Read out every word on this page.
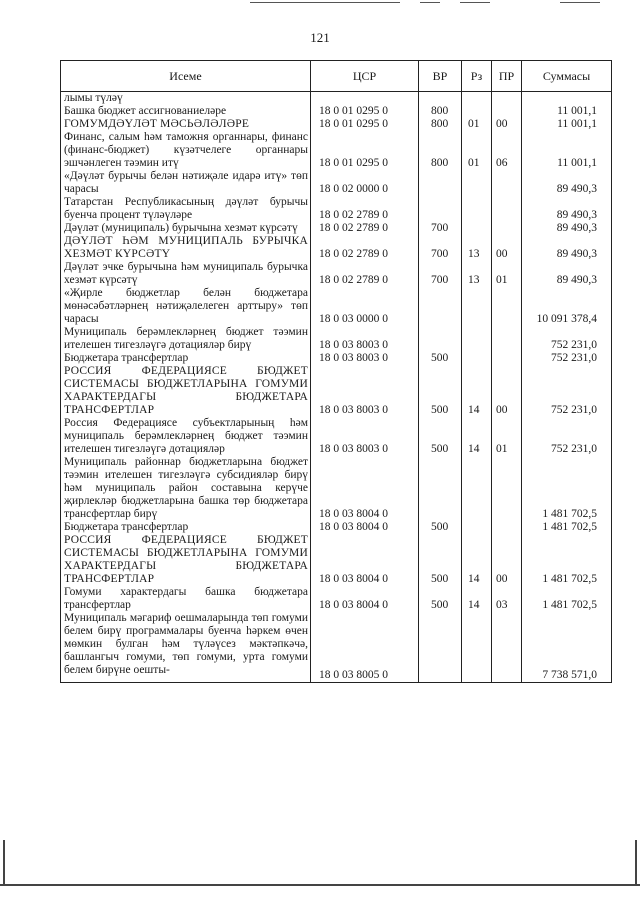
121
Исеме	ЦСР	ВР	Рз	ПР	Суммасы
лымы түләү					
Башка бюджет ассигнованиеләре	18 0 01 0295 0	800			11 001,1
ГОМУМДӘҮЛӘТ МӘСЬӘЛӘЛӘРЕ	18 0 01 0295 0	800	01	00	11 001,1
Финанс, салым һәм таможня органнары, финанс (финанс-бюджет) күзәтчелеге органнары эшчәнлеген тәэмин итү	18 0 01 0295 0	800	01	06	11 001,1
«Дәүләт бурычы белән нәтиҗәле идарә итү» төп чарасы	18 0 02 0000 0				89 490,3
Татарстан Республикасының дәүләт бурычы буенча процент түләүләре	18 0 02 2789 0				89 490,3
Дәүләт (муниципаль) бурычына хезмәт күрсәтү	18 0 02 2789 0	700			89 490,3
ДӘҮЛӘТ ҺӘМ МУНИЦИПАЛЬ БУРЫЧКА ХЕЗМӘТ КҮРСӘТҮ	18 0 02 2789 0	700	13	00	89 490,3
Дәүләт эчке бурычына һәм муниципаль бурычка хезмәт күрсәтү	18 0 02 2789 0	700	13	01	89 490,3
«Җирле бюджетлар белән бюджетара мөнәсәбәтләрнең нәтиҗәлелеген арттыру» төп чарасы	18 0 03 0000 0				10 091 378,4
Муниципаль берәмлекләрнең бюджет тәэмин ителешен тигезләүгә дотацияләр бирү	18 0 03 8003 0				752 231,0
Бюджетара трансфертлар	18 0 03 8003 0	500			752 231,0
РОССИЯ ФЕДЕРАЦИЯСЕ БЮДЖЕТ СИСТЕМАСЫ БЮДЖЕТЛАРЫНА ГОМУМИ ХАРАКТЕРДАГЫ БЮДЖЕТАРА ТРАНСФЕРТЛАР	18 0 03 8003 0	500	14	00	752 231,0
Россия Федерациясе субъектларының һәм муниципаль берәмлекләрнең бюджет тәэмин ителешен тигезләүгә дотацияләр	18 0 03 8003 0	500	14	01	752 231,0
Муниципаль районнар бюджетларына бюджет тәэмин ителешен тигезләүгә субсидияләр бирү һәм муниципаль район составына керүче җирлекләр бюджетларына башка төр бюджетара трансфертлар бирү	18 0 03 8004 0				1 481 702,5
Бюджетара трансфертлар	18 0 03 8004 0	500			1 481 702,5
РОССИЯ ФЕДЕРАЦИЯСЕ БЮДЖЕТ СИСТЕМАСЫ БЮДЖЕТЛАРЫНА ГОМУМИ ХАРАКТЕРДАГЫ БЮДЖЕТАРА ТРАНСФЕРТЛАР	18 0 03 8004 0	500	14	00	1 481 702,5
Гомуми характердагы башка бюджетара трансфертлар	18 0 03 8004 0	500	14	03	1 481 702,5
Муниципаль мәгариф оешмаларында төп гомуми белем бирү программалары буенча һәркем өчен мөмкин булган һәм түләүсез мәктәпкәчә, башлангыч гомуми, төп гомуми, урта гомуми белем бирүне оешты-	18 0 03 8005 0				7 738 571,0
